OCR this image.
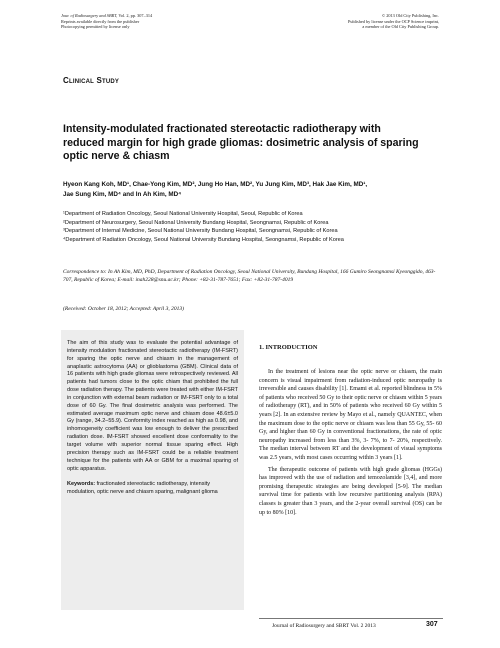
Jour. of Radiosurgery and SBRT, Vol. 2, pp. 307–314
Reprints available directly from the publisher
Photocopying permitted by license only
© 2013 Old City Publishing, Inc.
Published by license under the OCP Science imprint,
a member of the Old City Publishing Group.
Clinical Study
Intensity-modulated fractionated stereotactic radiotherapy with reduced margin for high grade gliomas: dosimetric analysis of sparing optic nerve & chiasm
Hyeon Kang Koh, MD¹, Chae-Yong Kim, MD², Jung Ho Han, MD², Yu Jung Kim, MD³, Hak Jae Kim, MD¹,
Jae Sung Kim, MD⁴ and In Ah Kim, MD⁴
¹Department of Radiation Oncology, Seoul National University Hospital, Seoul, Republic of Korea
²Department of Neurosurgery, Seoul National University Bundang Hospital, Seongnamsi, Republic of Korea
³Department of Internal Medicine, Seoul National University Bundang Hospital, Seongnamsi, Republic of Korea
⁴Department of Radiation Oncology, Seoul National University Bundang Hospital, Seongnamsi, Republic of Korea
Correspondence to: In Ah Kim, MD, PhD, Department of Radiation Oncology, Seoul National University, Bundang Hospital, 166 Gumiro Seongnamsi Kyeonggido, 463-707, Republic of Korea; E-mail: inah228@snu.ac.kr; Phone: +82-31-787-7651; Fax: +82-31-787-4019
(Received: October 18, 2012; Accepted: April 3, 2013)

The aim of this study was to evaluate the potential advantage of intensity modulation fractionated stereotactic radiotherapy (IM-FSRT) for sparing the optic nerve and chiasm in the management of anaplastic astrocytoma (AA) or glioblastoma (GBM). Clinical data of 16 patients with high grade gliomas were retrospectively reviewed. All patients had tumors close to the optic chiam that prohibited the full dose radiation therapy. The patients were treated with either IM-FSRT in conjunction with external beam radiation or IM-FSRT only to a total dose of 60 Gy. The final dosimetric analysis was performed. The estimated average maximum optic nerve and chiasm dose 48.6±5.0 Gy (range, 34.2–55.9). Conformity index reached as high as 0.98, and inhomogeneity coefficient was low enough to deliver the prescribed radiation dose. IM-FSRT showed excellent dose conformality to the target volume with superior normal tissue sparing effect. High precision therapy such as IM-FSRT could be a reliable treatment technique for the patients with AA or GBM for a maximal sparing of optic apparatus.

Keywords: fractionated stereotactic radiotherapy, intensity modulation, optic nerve and chiasm sparing, malignant glioma

1. INTRODUCTION

In the treatment of lesions near the optic nerve or chiasm, the main concern is visual impairment from radiation-induced optic neuropathy is irreversible and causes disability [1]. Emami et al. reported blindness in 5% of patients who received 50 Gy to their optic nerve or chiasm within 5 years of radiotherapy (RT), and in 50% of patients who received 60 Gy within 5 years [2]. In an extensive review by Mayo et al., namely QUANTEC, when the maximum dose to the optic nerve or chiasm was less than 55 Gy, 55- 60 Gy, and higher than 60 Gy in conventional fractionations, the rate of optic neuropathy increased from less than 3%, 3- 7%, to 7- 20%, respectively. The median interval between RT and the development of visual symptoms was 2.5 years, with most cases occurring within 3 years [1].

The therapeutic outcome of patients with high grade gliomas (HGGs) has improved with the use of radiation and temozolamide [3,4], and more promising therapeutic strategies are being developed [5-9]. The median survival time for patients with low recursive partitioning analysis (RPA) classes is greater than 3 years, and the 2-year overall survival (OS) can be up to 80% [10].

Journal of Radiosurgery and SBRT Vol. 2 2013	307
